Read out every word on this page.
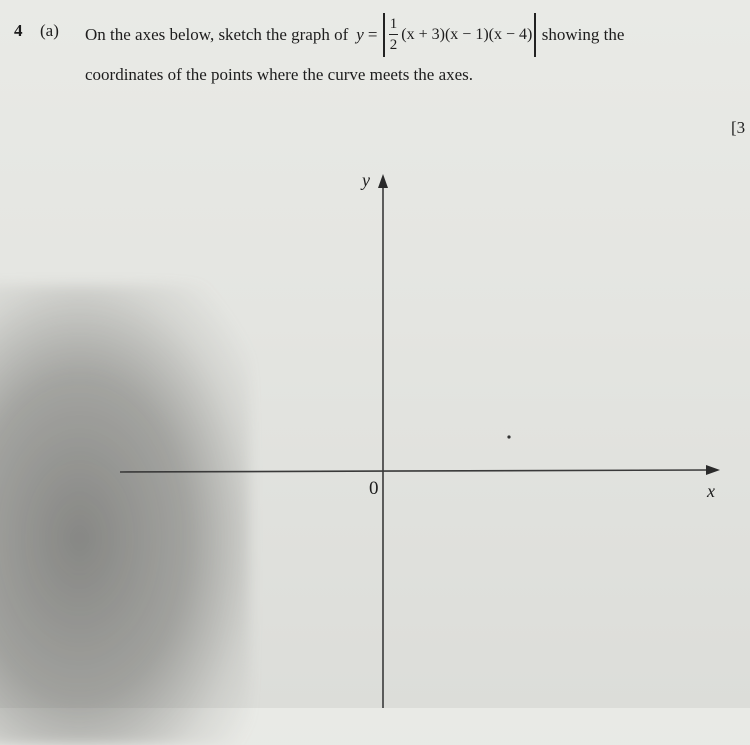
4 (a) On the axes below, sketch the graph of $y = \frac{1}{2} (x + 3)(x - 1)(x - 4)$ showing the
coordinates of the points where the curve meets the axes.
[3
y
x
0
